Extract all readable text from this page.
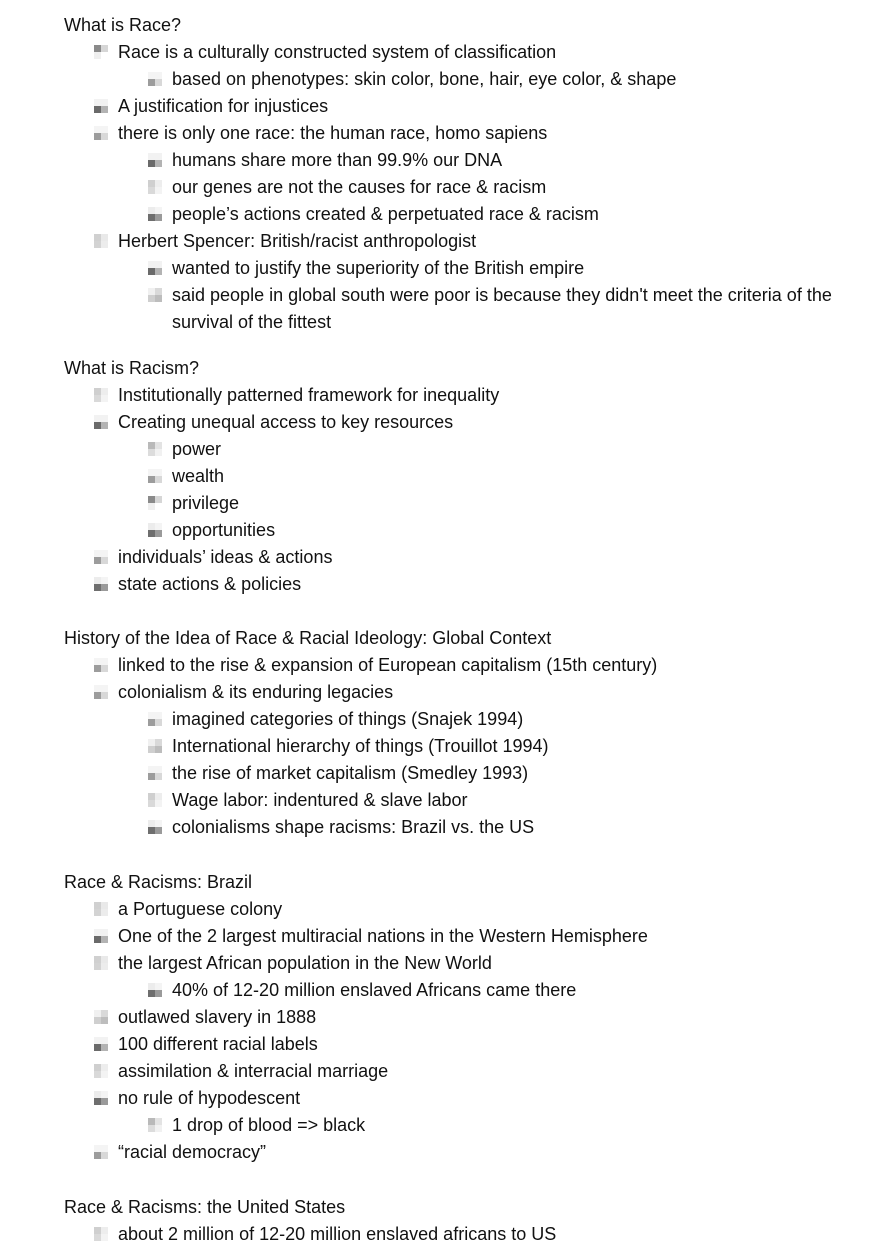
What is Race?
Race is a culturally constructed system of classification
based on phenotypes: skin color, bone, hair, eye color, & shape
A justification for injustices
there is only one race: the human race, homo sapiens
humans share more than 99.9% our DNA
our genes are not the causes for race & racism
people’s actions created & perpetuated race & racism
Herbert Spencer: British/racist anthropologist
wanted to justify the superiority of the British empire
said people in global south were poor is because they didn't meet the criteria of the survival of the fittest
What is Racism?
Institutionally patterned framework for inequality
Creating unequal access to key resources
power
wealth
privilege
opportunities
individuals’ ideas & actions
state actions & policies
History of the Idea of Race & Racial Ideology: Global Context
linked to the rise & expansion of European capitalism (15th century)
colonialism & its enduring legacies
imagined categories of things (Snajek 1994)
International hierarchy of things (Trouillot 1994)
the rise of market capitalism (Smedley 1993)
Wage labor: indentured & slave labor
colonialisms shape racisms: Brazil vs. the US
Race & Racisms: Brazil
a Portuguese colony
One of the 2 largest multiracial nations in the Western Hemisphere
the largest African population in the New World
40% of 12-20 million enslaved Africans came there
outlawed slavery in 1888
100 different racial labels
assimilation & interracial marriage
no rule of hypodescent
1 drop of blood => black
“racial democracy”
Race & Racisms: the United States
about 2 million of 12-20 million enslaved africans to US
